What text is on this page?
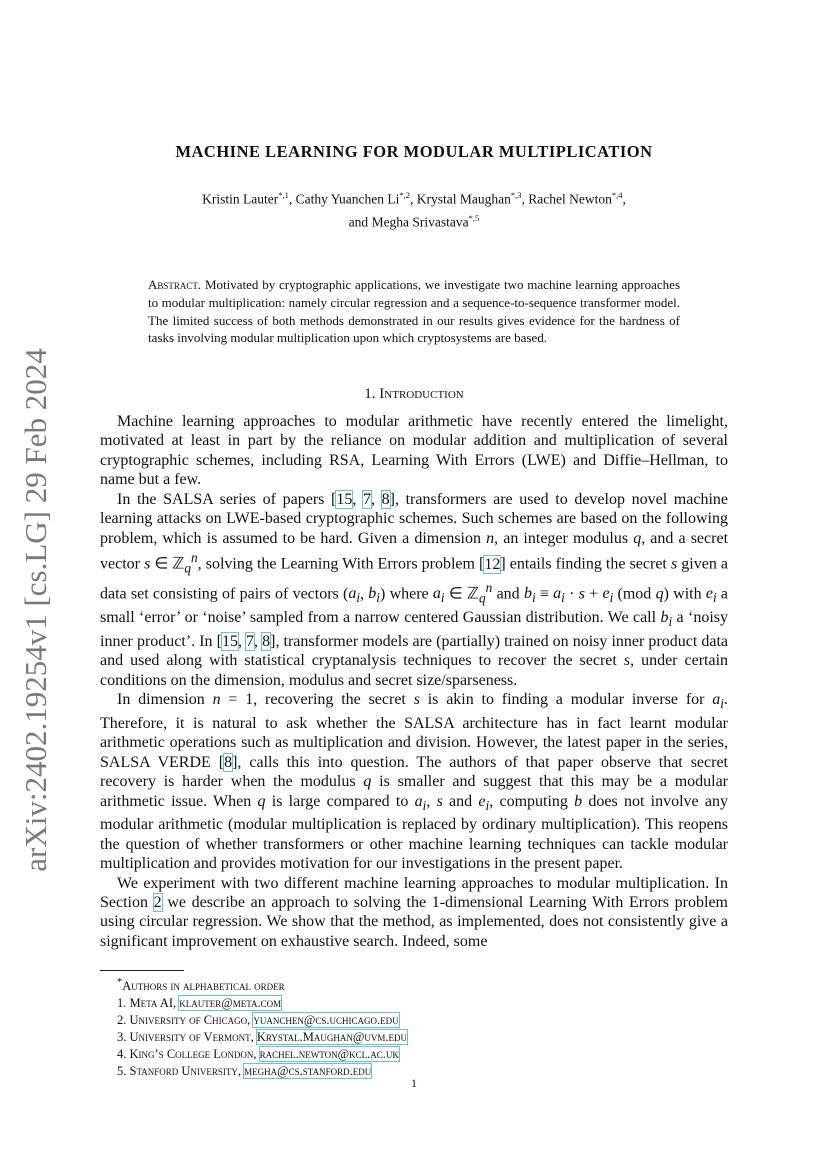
arXiv:2402.19254v1 [cs.LG] 29 Feb 2024
MACHINE LEARNING FOR MODULAR MULTIPLICATION
Kristin Lauter$^{*,1}$, Cathy Yuanchen $Li^{*,2}$, Krystal Maughan$^{*,3}$, Rachel Newton$^{*,4}$,
and Megha Srivastava$^{*,5}$
Abstract. Motivated by cryptographic applications, we investigate two machine learning approaches to modular multiplication: namely circular regression and a sequence-to-sequence transformer model. The limited success of both methods demonstrated in our results gives evidence for the hardness of tasks involving modular multiplication upon which cryptosystems are based.
1. Introduction

Machine learning approaches to modular arithmetic have recently entered the limelight, motivated at least in part by the reliance on modular addition and multiplication of several cryptographic schemes, including RSA, Learning With Errors (LWE) and Diffie–Hellman, to name but a few.

In the SALSA series of papers [15, 7, 8], transformers are used to develop novel machine learning attacks on LWE-based cryptographic schemes. Such schemes are based on the following problem, which is assumed to be hard. Given a dimension n, an integer modulus q, and a secret vector s ∈ ℤ$_q^n$, solving the Learning With Errors problem [12] entails finding the secret s given a data set consisting of pairs of vectors ($a_i$, $b_i$) where $a_i$ ∈ ℤ$_q^n$ and $b_i \equiv a_i \cdot s + e_i$ (mod q) with $e_i$ a small ‘error’ or ‘noise’ sampled from a narrow centered Gaussian distribution. We call $b_i$ a ‘noisy inner product’. In [15, 7, 8], transformer models are (partially) trained on noisy inner product data and used along with statistical cryptanalysis techniques to recover the secret s, under certain conditions on the dimension, modulus and secret size/sparseness.

In dimension n = 1, recovering the secret s is akin to finding a modular inverse for $a_i$. Therefore, it is natural to ask whether the SALSA architecture has in fact learnt modular arithmetic operations such as multiplication and division. However, the latest paper in the series, SALSA VERDE [8], calls this into question. The authors of that paper observe that secret recovery is harder when the modulus q is smaller and suggest that this may be a modular arithmetic issue. When q is large compared to $a_i$, s and $e_i$, computing b does not involve any modular arithmetic (modular multiplication is replaced by ordinary multiplication). This reopens the question of whether transformers or other machine learning techniques can tackle modular multiplication and provides motivation for our investigations in the present paper.

We experiment with two different machine learning approaches to modular multiplication. In Section 2 we describe an approach to solving the 1-dimensional Learning With Errors problem using circular regression. We show that the method, as implemented, does not consistently give a significant improvement on exhaustive search. Indeed, some

*Authors in alphabetical order
1. Meta AI, klauter@meta.com
2. University of Chicago, yuanchen@cs.uchicago.edu
3. University of Vermont, Krystal.Maughan@uvm.edu
4. King’s College London, rachel.newton@kcl.ac.uk
5. Stanford University, megha@cs.stanford.edu
1
